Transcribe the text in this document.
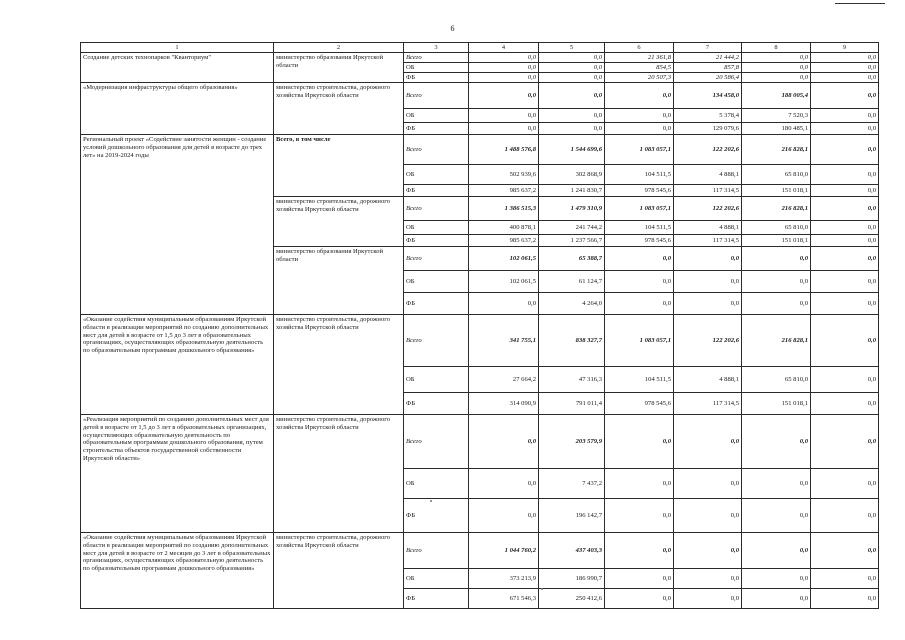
6
1	2	3	4	5	6	7	8	9
Создание детских технопарков "Кванториум"	министерство образования Иркутской области	Всего	0,0	0,0	21 361,8	21 444,2	0,0	0,0
		ОБ	0,0	0,0	854,5	857,8	0,0	0,0
		ФБ	0,0	0,0	20 507,3	20 586,4	0,0	0,0
«Модернизация инфраструктуры общего образования»	министерство строительства, дорожного хозяйства Иркутской области	Всего	0,0	0,0	0,0	134 458,0	188 005,4	0,0
		ОБ	0,0	0,0	0,0	5 378,4	7 520,3	0,0
		ФБ	0,0	0,0	0,0	129 079,6	180 485,1	0,0
Региональный проект «Содействие занятости женщин - создание условий дошкольного образования для детей в возрасте до трех лет» на 2019-2024 годы	Всего, в том числе	Всего	1 488 576,8	1 544 699,6	1 083 057,1	122 202,6	216 828,1	0,0
		ОБ	502 939,6	302 868,9	104 511,5	4 888,1	65 810,0	0,0
		ФБ	985 637,2	1 241 830,7	978 545,6	117 314,5	151 018,1	0,0
	министерство строительства, дорожного хозяйства Иркутской области	Всего	1 386 515,3	1 479 310,9	1 083 057,1	122 202,6	216 828,1	0,0
		ОБ	400 878,1	241 744,2	104 511,5	4 888,1	65 810,0	0,0
		ФБ	985 637,2	1 237 566,7	978 545,6	117 314,5	151 018,1	0,0
	министерство образования Иркутской области	Всего	102 061,5	65 388,7	0,0	0,0	0,0	0,0
		ОБ	102 061,5	61 124,7	0,0	0,0	0,0	0,0
		ФБ	0,0	4 264,0	0,0	0,0	0,0	0,0
«Оказание содействия муниципальным образованиям Иркутской области в реализации мероприятий по созданию дополнительных мест для детей в возрасте от 1,5 до 3 лет в образовательных организациях, осуществляющих образовательную деятельность по образовательным программам дошкольного образования»	министерство строительства, дорожного хозяйства Иркутской области	Всего	341 755,1	838 327,7	1 083 057,1	122 202,6	216 828,1	0,0
		ОБ	27 664,2	47 316,3	104 511,5	4 888,1	65 810,0	0,0
		ФБ	314 090,9	791 011,4	978 545,6	117 314,5	151 018,1	0,0
«Реализация мероприятий по созданию дополнительных мест для детей в возрасте от 1,5 до 3 лет в образовательных организациях, осуществляющих образовательную деятельность по образовательным программам дошкольного образования, путем строительства объектов государственной собственности Иркутской области»	министерство строительства, дорожного хозяйства Иркутской области	Всего	0,0	203 579,9	0,0	0,0	0,0	0,0
		ОБ	0,0	7 437,2	0,0	0,0	0,0	0,0
		ФБ	0,0	196 142,7	0,0	0,0	0,0	0,0
«Оказание содействия муниципальным образованиям Иркутской области в реализации мероприятий по созданию дополнительных мест для детей в возрасте от 2 месяцев до 3 лет в образовательных организациях, осуществляющих образовательную деятельность по образовательным программам дошкольного образования»	министерство строительства, дорожного хозяйства Иркутской области	Всего	1 044 760,2	437 403,3	0,0	0,0	0,0	0,0
		ОБ	373 213,9	186 990,7	0,0	0,0	0,0	0,0
		ФБ	671 546,3	250 412,6	0,0	0,0	0,0	0,0
